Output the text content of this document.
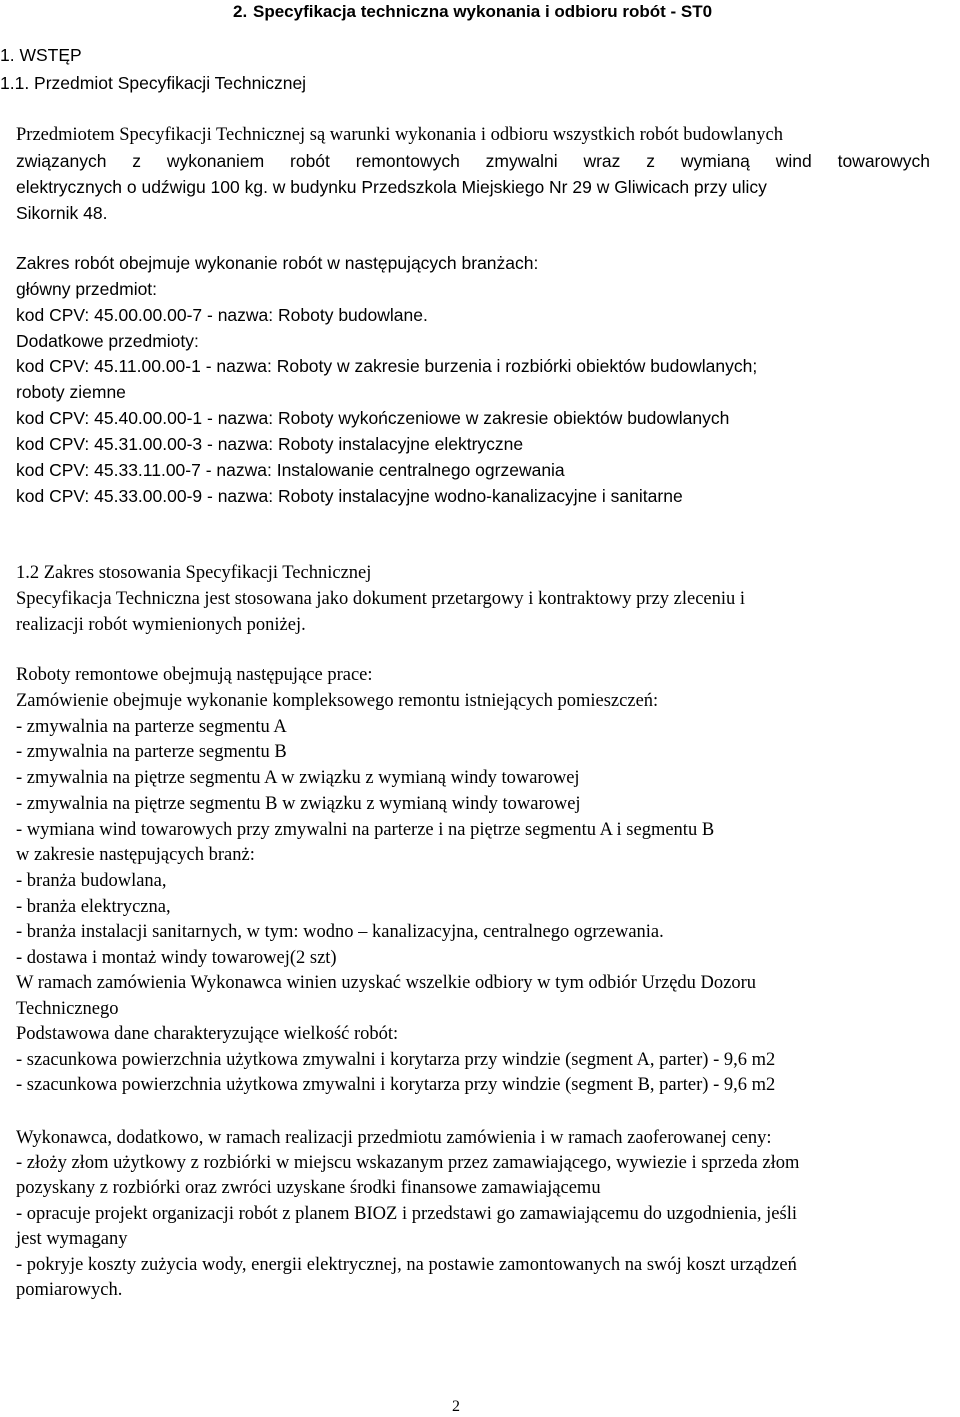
2. Specyfikacja techniczna wykonania i odbioru robót - ST0
1. WSTĘP
1.1. Przedmiot Specyfikacji Technicznej
Przedmiotem Specyfikacji Technicznej są warunki wykonania i odbioru wszystkich robót budowlanych
związanych z wykonaniem robót remontowych zmywalni wraz z wymianą wind towarowych
elektrycznych o udźwigu 100 kg. w budynku Przedszkola Miejskiego Nr 29 w Gliwicach przy ulicy
Sikornik 48.
Zakres robót obejmuje wykonanie robót w następujących branżach:
główny przedmiot:
kod CPV: 45.00.00.00-7 - nazwa: Roboty budowlane.
Dodatkowe przedmioty:
kod CPV: 45.11.00.00-1 - nazwa: Roboty w zakresie burzenia i rozbiórki obiektów budowlanych;
roboty ziemne
kod CPV: 45.40.00.00-1 - nazwa: Roboty wykończeniowe w zakresie obiektów budowlanych
kod CPV: 45.31.00.00-3 - nazwa: Roboty instalacyjne elektryczne
kod CPV: 45.33.11.00-7 - nazwa: Instalowanie centralnego ogrzewania
kod CPV: 45.33.00.00-9 - nazwa: Roboty instalacyjne wodno-kanalizacyjne i sanitarne
1.2 Zakres stosowania Specyfikacji Technicznej
Specyfikacja Techniczna jest stosowana jako dokument przetargowy i kontraktowy przy zleceniu i
realizacji robót wymienionych poniżej.
Roboty remontowe obejmują następujące prace:
Zamówienie obejmuje wykonanie kompleksowego remontu istniejących pomieszczeń:
- zmywalnia na parterze segmentu A
- zmywalnia na parterze segmentu B
- zmywalnia na piętrze segmentu A w związku z wymianą windy towarowej
- zmywalnia na piętrze segmentu B w związku z wymianą windy towarowej
- wymiana wind towarowych przy zmywalni na parterze i na piętrze segmentu A i segmentu B
w zakresie następujących branż:
- branża budowlana,
- branża elektryczna,
- branża instalacji sanitarnych, w tym: wodno – kanalizacyjna, centralnego ogrzewania.
- dostawa i montaż windy towarowej(2 szt)
W ramach zamówienia Wykonawca winien uzyskać wszelkie odbiory w tym odbiór Urzędu Dozoru
Technicznego
Podstawowa dane charakteryzujące wielkość robót:
- szacunkowa powierzchnia użytkowa zmywalni i korytarza przy windzie (segment A, parter) - 9,6 m2
- szacunkowa powierzchnia użytkowa zmywalni i korytarza przy windzie (segment B, parter) - 9,6 m2
Wykonawca, dodatkowo, w ramach realizacji przedmiotu zamówienia i w ramach zaoferowanej ceny:
- złoży złom użytkowy z rozbiórki w miejscu wskazanym przez zamawiającego, wywiezie i sprzeda złom
pozyskany z rozbiórki oraz zwróci uzyskane środki finansowe zamawiającemu
- opracuje projekt organizacji robót z planem BIOZ i przedstawi go zamawiającemu do uzgodnienia, jeśli
jest wymagany
- pokryje koszty zużycia wody, energii elektrycznej, na postawie zamontowanych na swój koszt urządzeń
pomiarowych.
2
